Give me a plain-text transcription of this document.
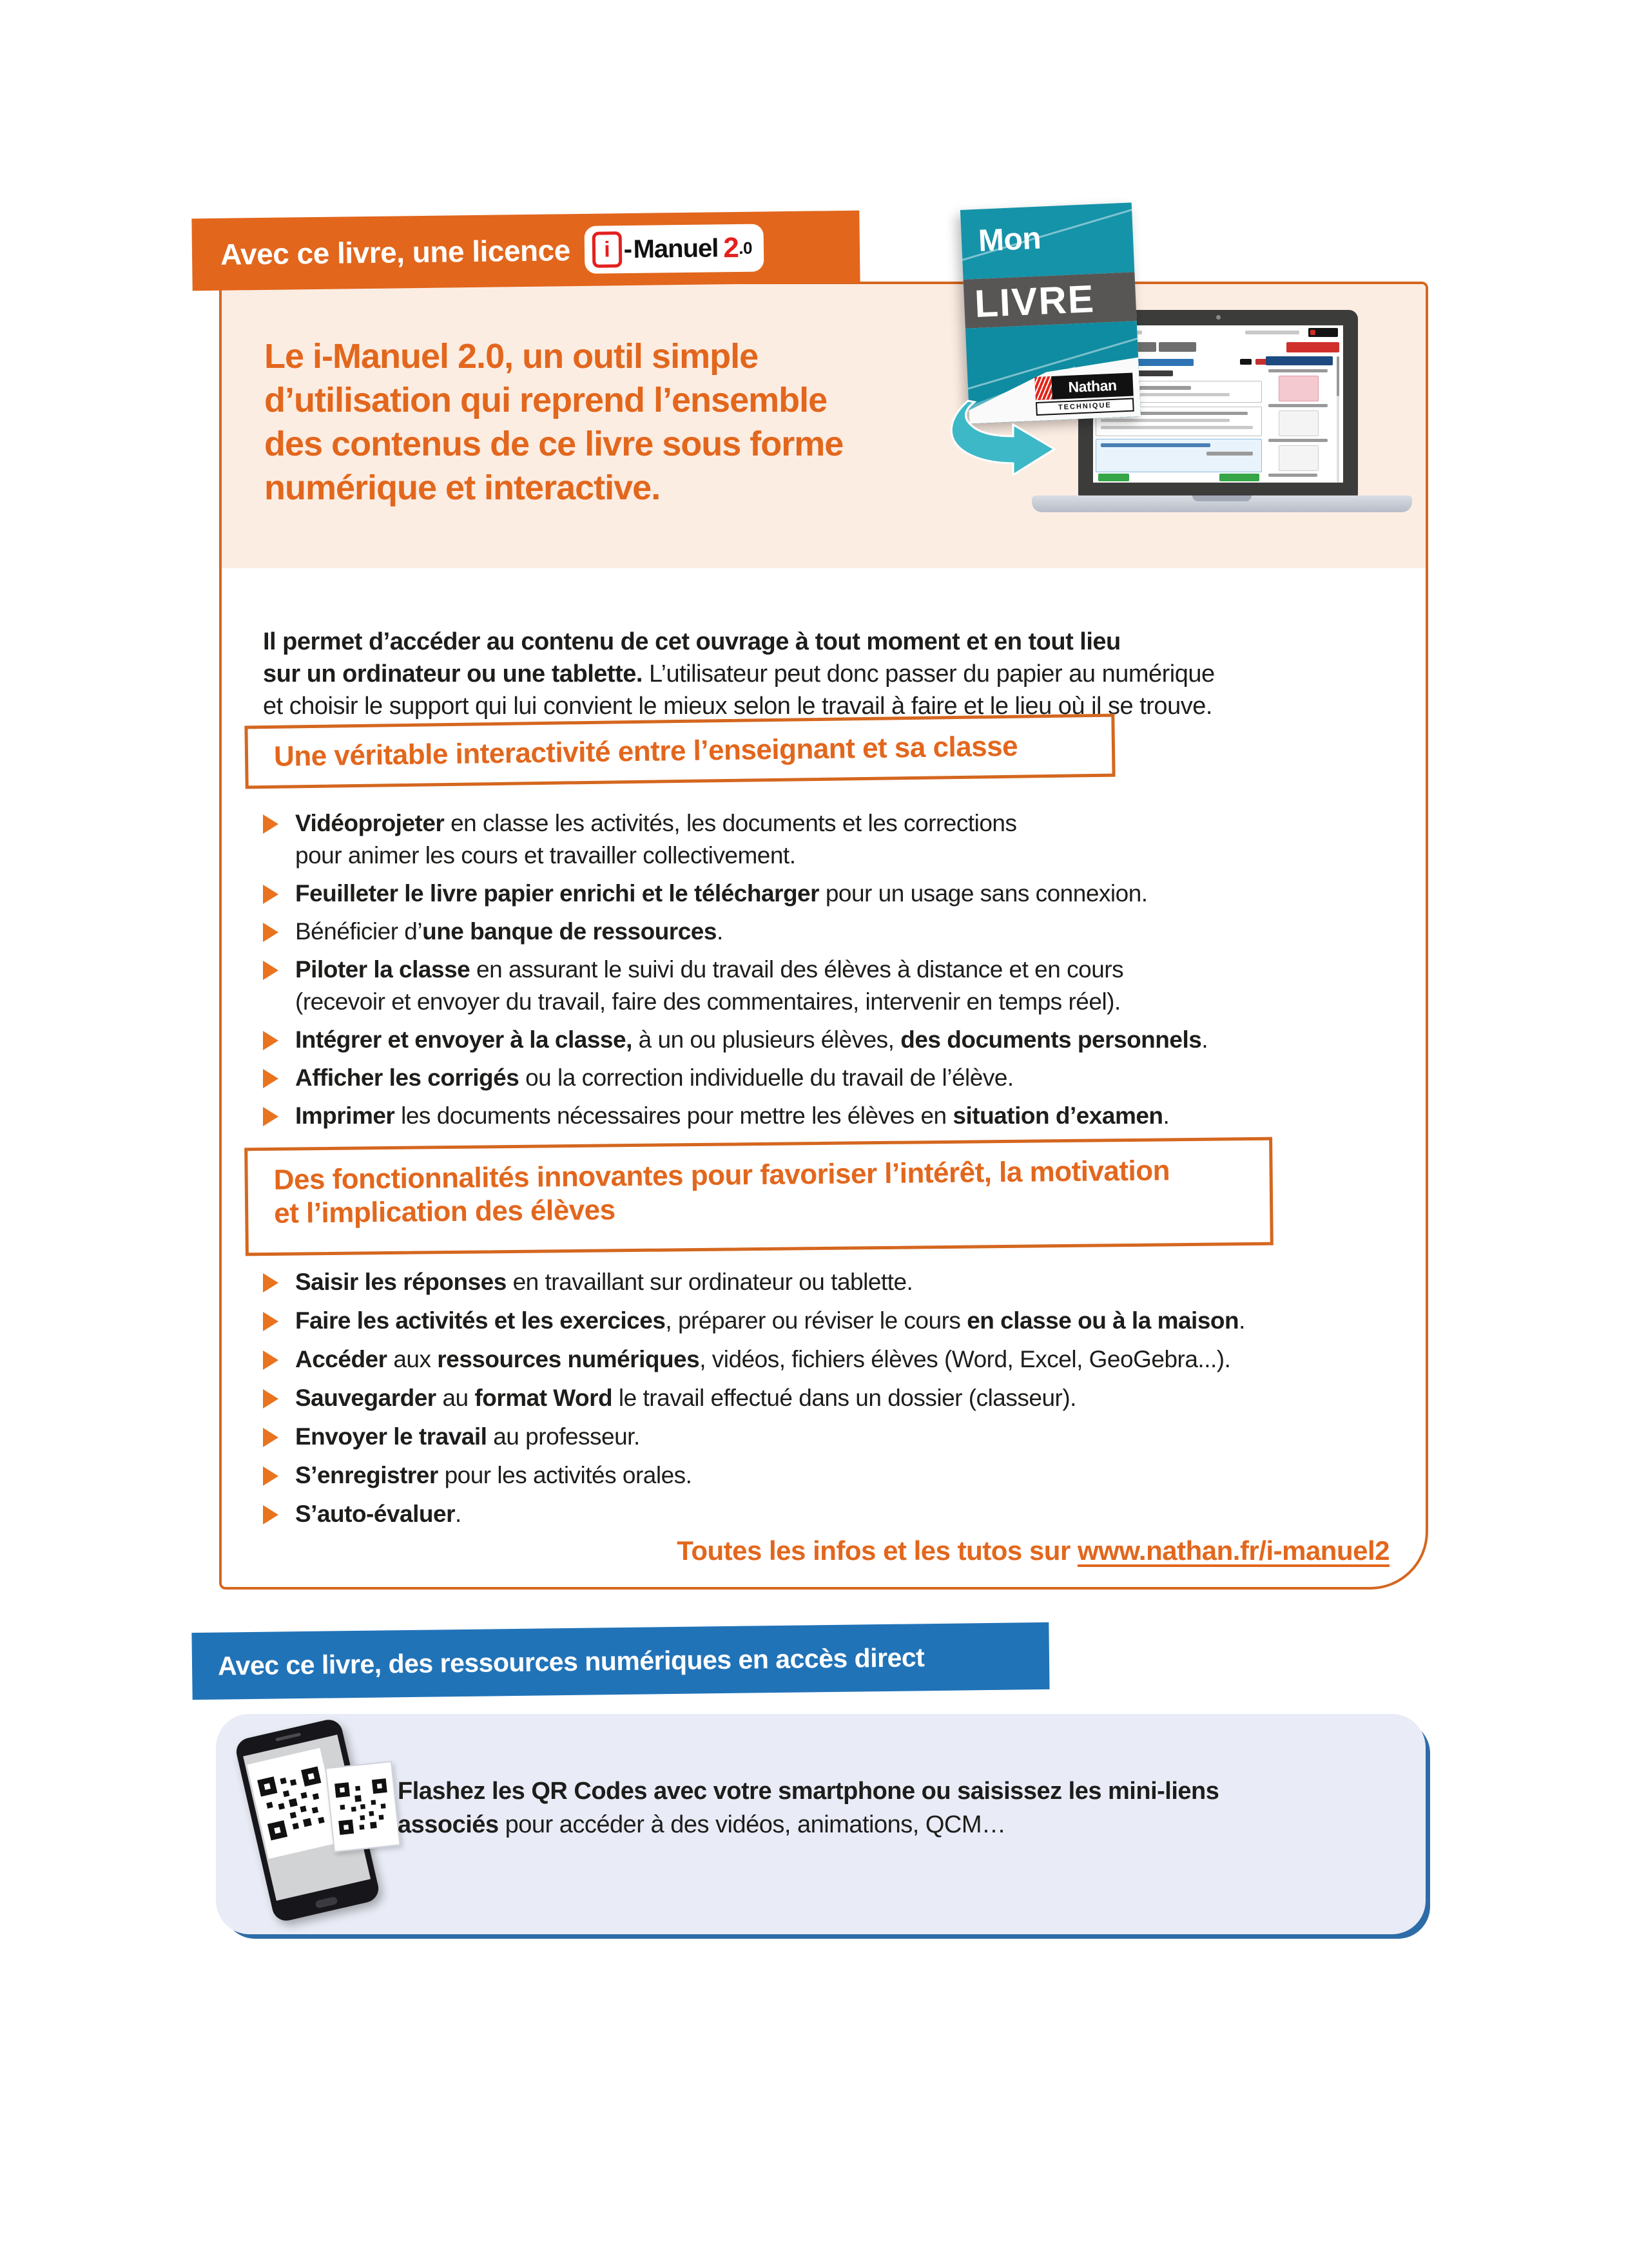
Le i-Manuel 2.0, un outil simple
d’utilisation qui reprend l’ensemble
des contenus de ce livre sous forme
numérique et interactive.

Il permet d’accéder au contenu de cet ouvrage à tout moment et en tout lieu
sur un ordinateur ou une tablette. L’utilisateur peut donc passer du papier au numérique
et choisir le support qui lui convient le mieux selon le travail à faire et le lieu où il se trouve.

Une véritable interactivité entre l’enseignant et sa classe
Vidéoprojeter en classe les activités, les documents et les corrections
pour animer les cours et travailler collectivement.
Feuilleter le livre papier enrichi et le télécharger pour un usage sans connexion.
Bénéficier d’une banque de ressources.
Piloter la classe en assurant le suivi du travail des élèves à distance et en cours
(recevoir et envoyer du travail, faire des commentaires, intervenir en temps réel).
Intégrer et envoyer à la classe, à un ou plusieurs élèves, des documents personnels.
Afficher les corrigés ou la correction individuelle du travail de l’élève.
Imprimer les documents nécessaires pour mettre les élèves en situation d’examen.
Des fonctionnalités innovantes pour favoriser l’intérêt, la motivation
et l’implication des élèves
Saisir les réponses en travaillant sur ordinateur ou tablette.
Faire les activités et les exercices, préparer ou réviser le cours en classe ou à la maison.
Accéder aux ressources numériques, vidéos, fichiers élèves (Word, Excel, GeoGebra...).
Sauvegarder au format Word le travail effectué dans un dossier (classeur).
Envoyer le travail au professeur.
S’enregistrer pour les activités orales.
S’auto-évaluer.
Toutes les infos et les tutos sur www.nathan.fr/i-manuel2
Avec ce livre, une licence	i - Manuel 2 .0	Mon
LIVRE
Nathan
TECHNIQUE
Avec ce livre, des ressources numériques en accès direct
Flashez les QR Codes avec votre smartphone ou saisissez les mini-liens
associés pour accéder à des vidéos, animations, QCM…
